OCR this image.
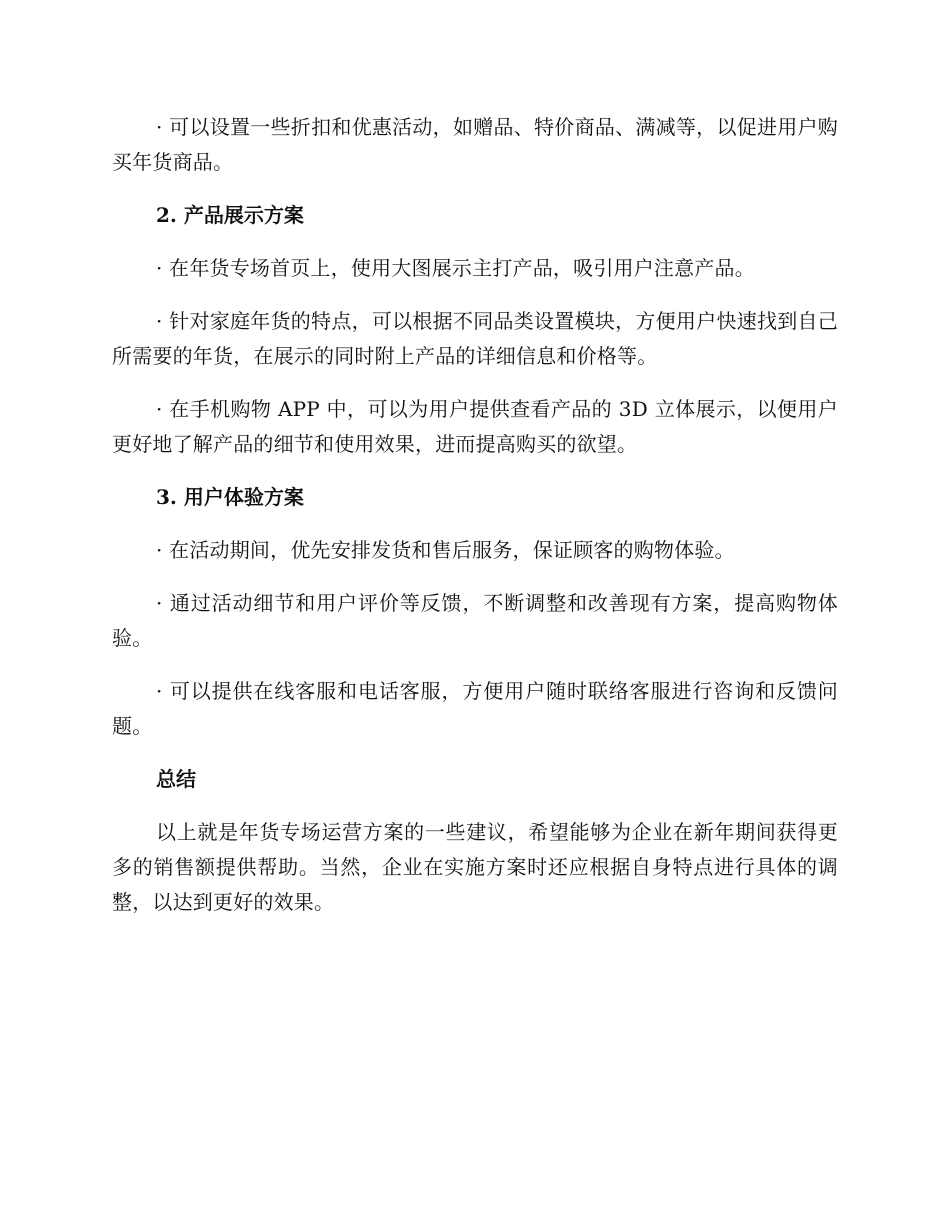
· 可以设置一些折扣和优惠活动，如赠品、特价商品、满减等，以促进用户购买年货商品。

2. 产品展示方案

· 在年货专场首页上，使用大图展示主打产品，吸引用户注意产品。

· 针对家庭年货的特点，可以根据不同品类设置模块，方便用户快速找到自己所需要的年货，在展示的同时附上产品的详细信息和价格等。

· 在手机购物 APP 中，可以为用户提供查看产品的 3D 立体展示，以便用户更好地了解产品的细节和使用效果，进而提高购买的欲望。

3. 用户体验方案

· 在活动期间，优先安排发货和售后服务，保证顾客的购物体验。

· 通过活动细节和用户评价等反馈，不断调整和改善现有方案，提高购物体验。

· 可以提供在线客服和电话客服，方便用户随时联络客服进行咨询和反馈问题。

总结

以上就是年货专场运营方案的一些建议，希望能够为企业在新年期间获得更多的销售额提供帮助。当然，企业在实施方案时还应根据自身特点进行具体的调整，以达到更好的效果。
